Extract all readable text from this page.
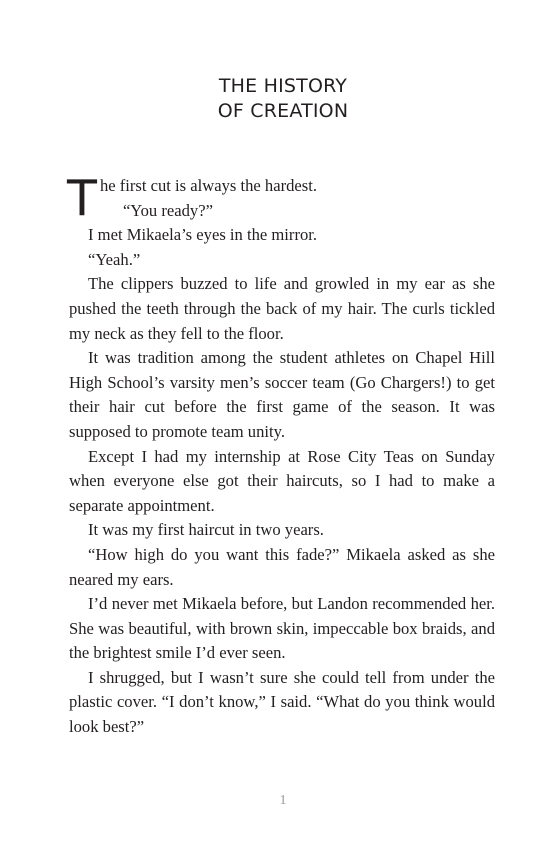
THE HISTORY
OF CREATION

The first cut is always the hardest.
“You ready?”

I met Mikaela’s eyes in the mirror.

“Yeah.”

The clippers buzzed to life and growled in my ear as she pushed the teeth through the back of my hair. The curls tickled my neck as they fell to the floor.

It was tradition among the student athletes on Chapel Hill High School’s varsity men’s soccer team (Go Chargers!) to get their hair cut before the first game of the season. It was supposed to promote team unity.

Except I had my internship at Rose City Teas on Sunday when everyone else got their haircuts, so I had to make a separate appointment.

It was my first haircut in two years.

“How high do you want this fade?” Mikaela asked as she neared my ears.

I’d never met Mikaela before, but Landon recommended her. She was beautiful, with brown skin, impeccable box braids, and the brightest smile I’d ever seen.

I shrugged, but I wasn’t sure she could tell from under the plastic cover. “I don’t know,” I said. “What do you think would look best?”

1
